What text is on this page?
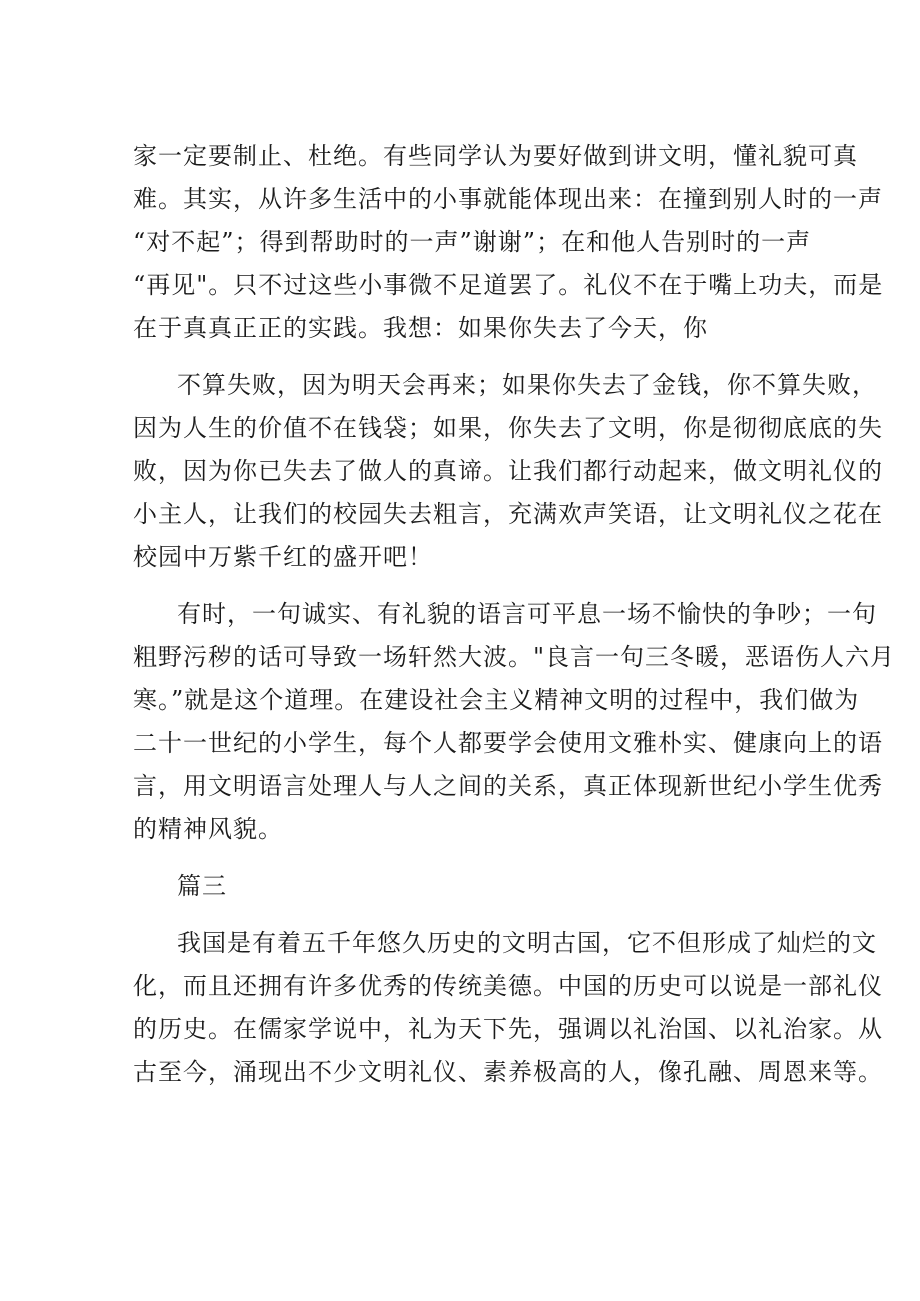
家一定要制止、杜绝。有些同学认为要好做到讲文明，懂礼貌可真
难。其实，从许多生活中的小事就能体现出来：在撞到别人时的一声
“对不起”；得到帮助时的一声”谢谢”；在和他人告别时的一声
“再见"。只不过这些小事微不足道罢了。礼仪不在于嘴上功夫，而是
在于真真正正的实践。我想：如果你失去了今天，你
不算失败，因为明天会再来；如果你失去了金钱，你不算失败，
因为人生的价值不在钱袋；如果，你失去了文明，你是彻彻底底的失
败，因为你已失去了做人的真谛。让我们都行动起来，做文明礼仪的
小主人，让我们的校园失去粗言，充满欢声笑语，让文明礼仪之花在
校园中万紫千红的盛开吧！
有时，一句诚实、有礼貌的语言可平息一场不愉快的争吵；一句
粗野污秽的话可导致一场轩然大波。"良言一句三冬暖，恶语伤人六月
寒。”就是这个道理。在建设社会主义精神文明的过程中，我们做为
二十一世纪的小学生，每个人都要学会使用文雅朴实、健康向上的语
言，用文明语言处理人与人之间的关系，真正体现新世纪小学生优秀
的精神风貌。
篇三
我国是有着五千年悠久历史的文明古国，它不但形成了灿烂的文
化，而且还拥有许多优秀的传统美德。中国的历史可以说是一部礼仪
的历史。在儒家学说中，礼为天下先，强调以礼治国、以礼治家。从
古至今，涌现出不少文明礼仪、素养极高的人，像孔融、周恩来等。
